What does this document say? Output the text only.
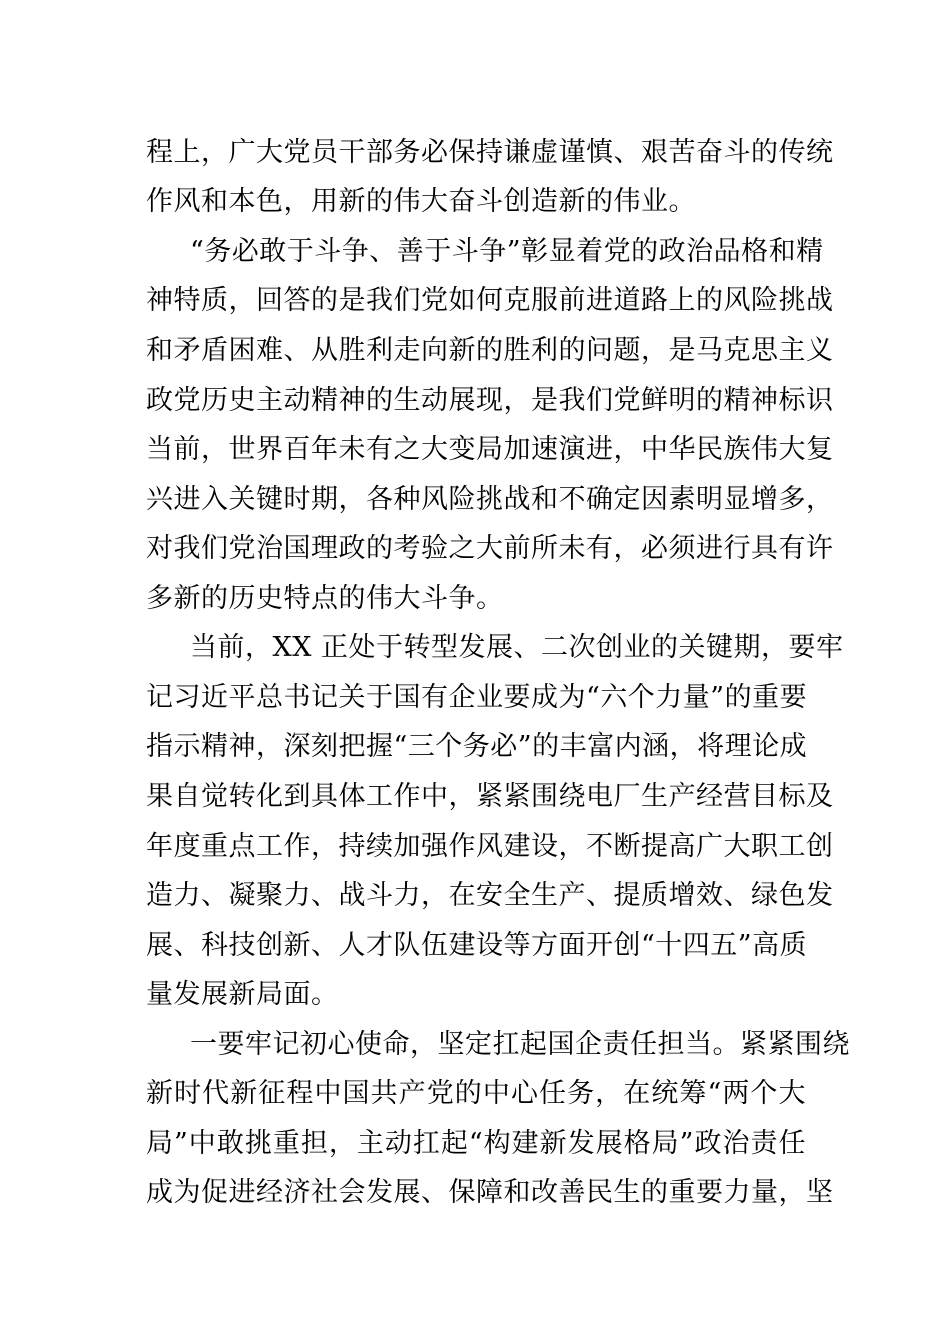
程上，广大党员干部务必保持谦虚谨慎、艰苦奋斗的传统
作风和本色，用新的伟大奋斗创造新的伟业。
“务必敢于斗争、善于斗争”彰显着党的政治品格和精
神特质，回答的是我们党如何克服前进道路上的风险挑战
和矛盾困难、从胜利走向新的胜利的问题，是马克思主义
政党历史主动精神的生动展现，是我们党鲜明的精神标识
当前，世界百年未有之大变局加速演进，中华民族伟大复
兴进入关键时期，各种风险挑战和不确定因素明显增多，
对我们党治国理政的考验之大前所未有，必须进行具有许
多新的历史特点的伟大斗争。
当前，XX 正处于转型发展、二次创业的关键期，要牢
记习近平总书记关于国有企业要成为“六个力量”的重要
指示精神，深刻把握“三个务必”的丰富内涵，将理论成
果自觉转化到具体工作中，紧紧围绕电厂生产经营目标及
年度重点工作，持续加强作风建设，不断提高广大职工创
造力、凝聚力、战斗力，在安全生产、提质增效、绿色发
展、科技创新、人才队伍建设等方面开创“十四五”高质
量发展新局面。
一要牢记初心使命，坚定扛起国企责任担当。紧紧围绕
新时代新征程中国共产党的中心任务，在统筹“两个大
局”中敢挑重担，主动扛起“构建新发展格局”政治责任
成为促进经济社会发展、保障和改善民生的重要力量，坚
